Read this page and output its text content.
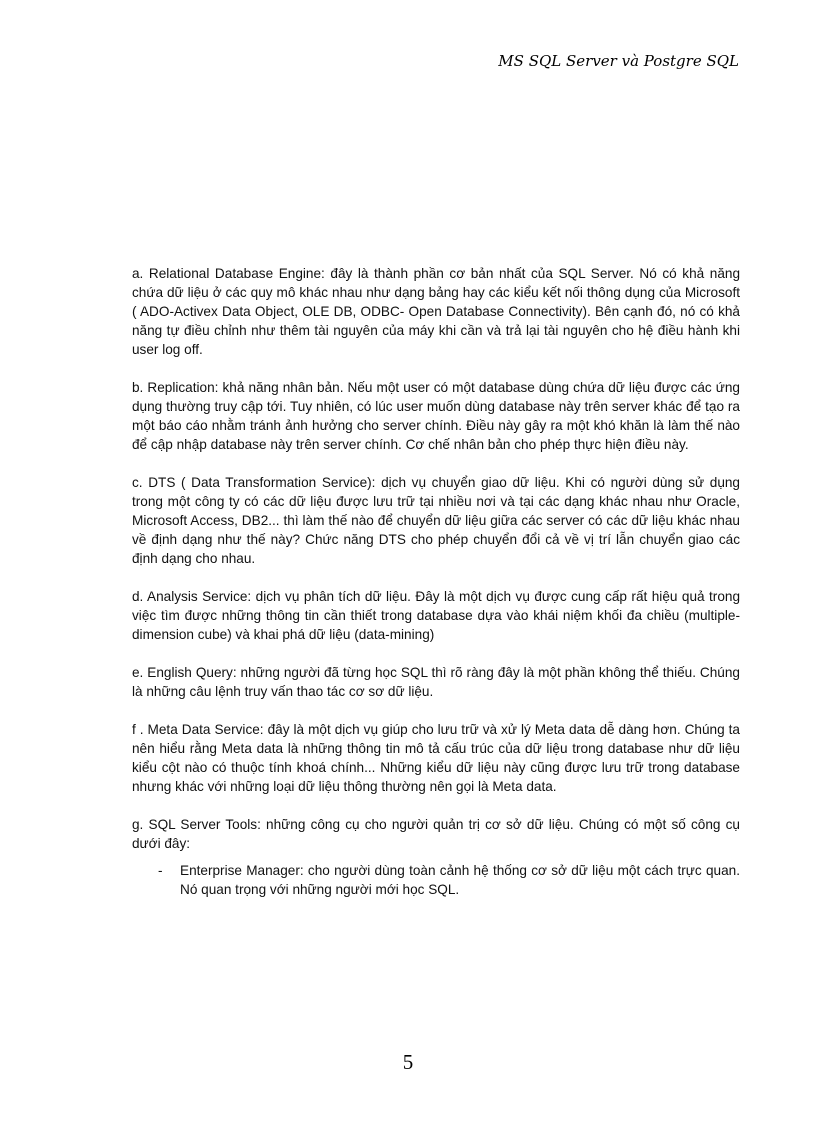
MS SQL Server và Postgre SQL

a. Relational Database Engine: đây là thành phần cơ bản nhất của SQL Server. Nó có khả năng chứa dữ liệu ở các quy mô khác nhau như dạng bảng hay các kiểu kết nối thông dụng của Microsoft ( ADO-Activex Data Object, OLE DB, ODBC- Open Database Connectivity). Bên cạnh đó, nó có khả năng tự điều chỉnh như thêm tài nguyên của máy khi cần và trả lại tài nguyên cho hệ điều hành khi user log off.

b. Replication: khả năng nhân bản. Nếu một user có một database dùng chứa dữ liệu được các ứng dụng thường truy cập tới. Tuy nhiên, có lúc user muốn dùng database này trên server khác để tạo ra một báo cáo nhằm tránh ảnh hưởng cho server chính. Điều này gây ra một khó khăn là làm thế nào để cập nhập database này trên server chính. Cơ chế nhân bản cho phép thực hiện điều này.

c. DTS ( Data Transformation Service): dịch vụ chuyển giao dữ liệu. Khi có người dùng sử dụng trong một công ty có các dữ liệu được lưu trữ tại nhiều nơi và tại các dạng khác nhau như Oracle, Microsoft Access, DB2... thì làm thế nào để chuyển dữ liệu giữa các server có các dữ liệu khác nhau về định dạng như thế này? Chức năng DTS cho phép chuyển đổi cả về vị trí lẫn chuyển giao các định dạng cho nhau.

d. Analysis Service: dịch vụ phân tích dữ liệu. Đây là một dịch vụ được cung cấp rất hiệu quả trong việc tìm được những thông tin cần thiết trong database dựa vào khái niệm khối đa chiều (multiple-dimension cube) và khai phá dữ liệu (data-mining)

e. English Query: những người đã từng học SQL thì rõ ràng đây là một phần không thể thiếu. Chúng là những câu lệnh truy vấn thao tác cơ sơ dữ liệu.

f . Meta Data Service: đây là một dịch vụ giúp cho lưu trữ và xử lý Meta data dễ dàng hơn. Chúng ta nên hiểu rằng Meta data là những thông tin mô tả cấu trúc của dữ liệu trong database như dữ liệu kiểu cột nào có thuộc tính khoá chính... Những kiểu dữ liệu này cũng được lưu trữ trong database nhưng khác với những loại dữ liệu thông thường nên gọi là Meta data.

g. SQL Server Tools: những công cụ cho người quản trị cơ sở dữ liệu. Chúng có một số công cụ dưới đây:

- Enterprise Manager: cho người dùng toàn cảnh hệ thống cơ sở dữ liệu một cách trực quan. Nó quan trọng với những người mới học SQL.
5
